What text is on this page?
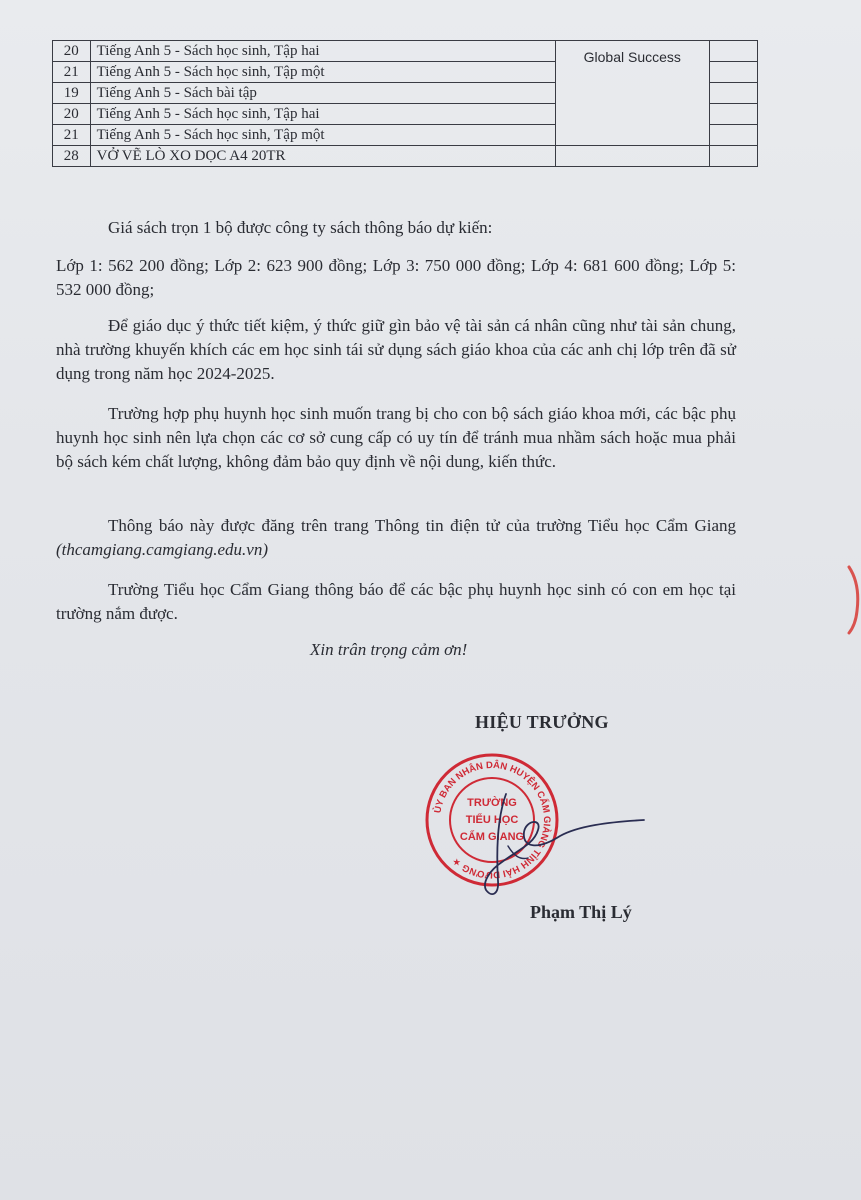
20	Tiếng Anh 5 - Sách học sinh, Tập hai	Global Success	
21	Tiếng Anh 5 - Sách học sinh, Tập một		
19	Tiếng Anh 5 - Sách bài tập		
20	Tiếng Anh 5 - Sách học sinh, Tập hai		
21	Tiếng Anh 5 - Sách học sinh, Tập một		
28	VỞ VẼ LÒ XO DỌC A4 20TR		

Giá sách trọn 1 bộ được công ty sách thông báo dự kiến:

Lớp 1: 562 200 đồng; Lớp 2: 623 900 đồng; Lớp 3: 750 000 đồng; Lớp 4: 681 600 đồng; Lớp 5: 532 000 đồng;

Để giáo dục ý thức tiết kiệm, ý thức giữ gìn bảo vệ tài sản cá nhân cũng như tài sản chung, nhà trường khuyến khích các em học sinh tái sử dụng sách giáo khoa của các anh chị lớp trên đã sử dụng trong năm học 2024-2025.

Trường hợp phụ huynh học sinh muốn trang bị cho con bộ sách giáo khoa mới, các bậc phụ huynh học sinh nên lựa chọn các cơ sở cung cấp có uy tín để tránh mua nhầm sách hoặc mua phải bộ sách kém chất lượng, không đảm bảo quy định về nội dung, kiến thức.

Thông báo này được đăng trên trang Thông tin điện tử của trường Tiểu học Cẩm Giang (thcamgiang.camgiang.edu.vn)

Trường Tiểu học Cẩm Giang thông báo để các bậc phụ huynh học sinh có con em học tại trường nắm được.

Xin trân trọng cảm ơn!

HIỆU TRƯỞNG
ỦY BAN NHÂN DÂN HUYỆN CẨM GIÀNG TỈNH HẢI DƯƠNG ★
TRƯỜNG
TIỂU HỌC
CẨM GIANG
Phạm Thị Lý
